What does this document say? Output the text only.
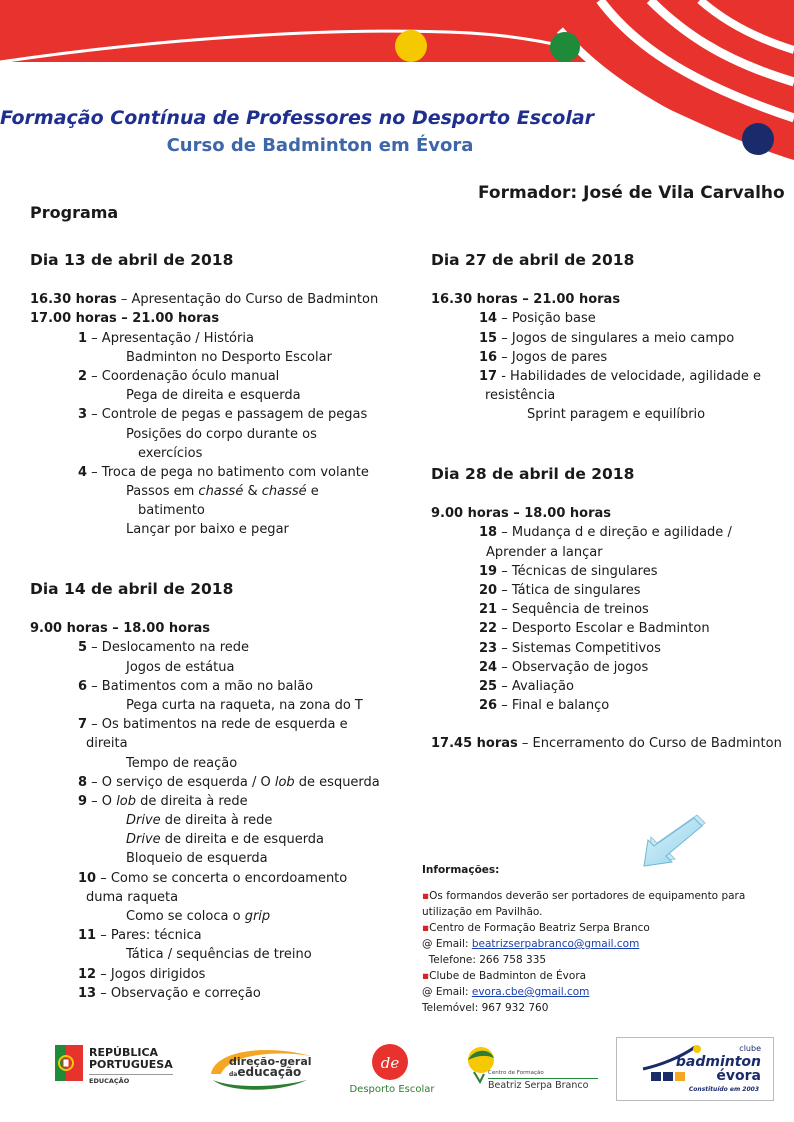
Formação Contínua de Professores no Desporto Escolar
Curso de Badminton em Évora
Formador: José de Vila Carvalho
Programa
Dia 13 de abril de 2018
16.30 horas – Apresentação do Curso de Badminton
17.00 horas – 21.00 horas
1 – Apresentação / História
Badminton no Desporto Escolar
2 – Coordenação óculo manual
Pega de direita e esquerda
3 – Controle de pegas e passagem de pegas
Posições do corpo durante os
exercícios
4 – Troca de pega no batimento com volante
Passos em chassé & chassé e
batimento
Lançar por baixo e pegar
Dia 14 de abril de 2018
9.00 horas – 18.00 horas
5 – Deslocamento na rede
Jogos de estátua
6 – Batimentos com a mão no balão
Pega curta na raqueta, na zona do T
7 – Os batimentos na rede de esquerda e
direita
Tempo de reação
8 – O serviço de esquerda / O lob de esquerda
9 – O lob de direita à rede
Drive de direita à rede
Drive de direita e de esquerda
Bloqueio de esquerda
10 – Como se concerta o encordoamento
duma raqueta
Como se coloca o grip
11 – Pares: técnica
Tática / sequências de treino
12 – Jogos dirigidos
13 – Observação e correção
Dia 27 de abril de 2018
16.30 horas – 21.00 horas
14 – Posição base
15 – Jogos de singulares a meio campo
16 – Jogos de pares
17 - Habilidades de velocidade, agilidade e
resistência
Sprint paragem e equilíbrio
Dia 28 de abril de 2018
9.00 horas – 18.00 horas
18 – Mudança d e direção e agilidade /
Aprender a lançar
19 – Técnicas de singulares
20 – Tática de singulares
21 – Sequência de treinos
22 – Desporto Escolar e Badminton
23 – Sistemas Competitivos
24 – Observação de jogos
25 – Avaliação
26 – Final e balanço
17.45 horas – Encerramento do Curso de Badminton
Informações:
▪Os formandos deverão ser portadores de equipamento para
utilização em Pavilhão.
▪Centro de Formação Beatriz Serpa Branco
@ Email: beatrizserpabranco@gmail.com
Telefone: 266 758 335
▪Clube de Badminton de Évora
@ Email: evora.cbe@gmail.com
Telemóvel: 967 932 760
REPÚBLICA
PORTUGUESA
EDUCAÇÃO
direção-geral
daeducação	de
Desporto Escolar
Centro de Formação
Beatriz Serpa Branco
clube
badminton
évora
Constituído em 2003
